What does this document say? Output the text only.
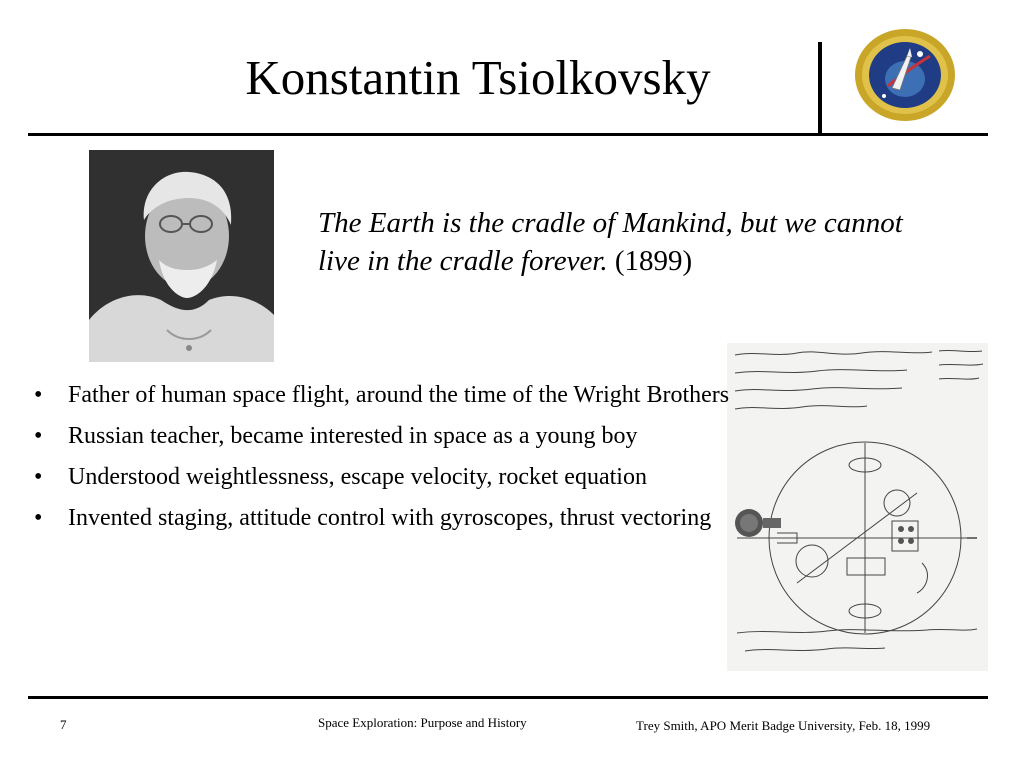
Konstantin Tsiolkovsky
The Earth is the cradle of Mankind, but we cannot live in the cradle forever. (1899)
• Father of human space flight, around the time of the Wright Brothers
• Russian teacher, became interested in space as a young boy
• Understood weightlessness, escape velocity, rocket equation
• Invented staging, attitude control with gyroscopes, thrust vectoring
7	Space Exploration: Purpose and History	Trey Smith, APO Merit Badge University, Feb. 18, 1999
